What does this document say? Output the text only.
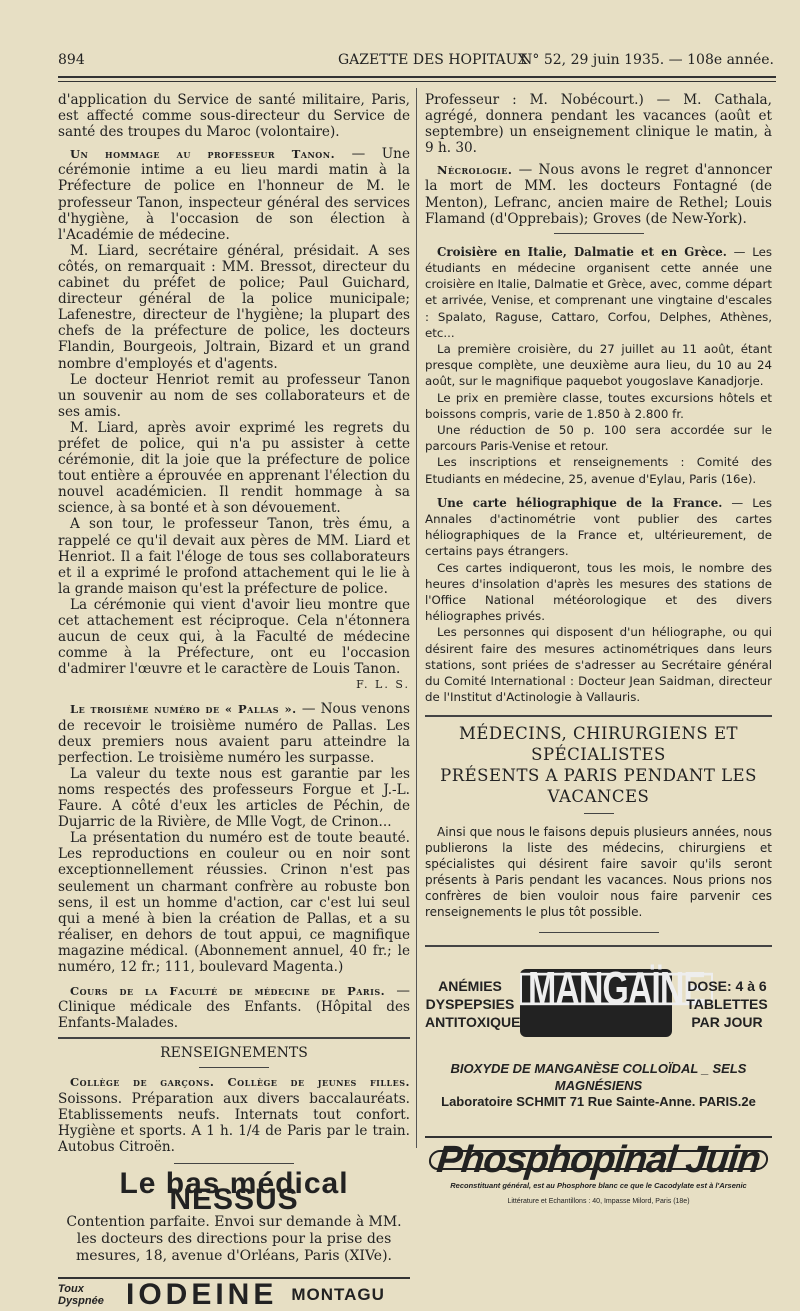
894	GAZETTE DES HOPITAUX
N° 52, 29 juin 1935. — 108e année.

d'application du Service de santé militaire, Paris, est affecté comme sous-directeur du Service de santé des troupes du Maroc (volontaire).

Un hommage au professeur Tanon. — Une cérémonie intime a eu lieu mardi matin à la Préfecture de police en l'honneur de M. le professeur Tanon, inspecteur général des services d'hygiène, à l'occasion de son élection à l'Académie de médecine.

M. Liard, secrétaire général, présidait. A ses côtés, on remarquait : MM. Bressot, directeur du cabinet du préfet de police; Paul Guichard, directeur général de la police municipale; Lafenestre, directeur de l'hygiène; la plupart des chefs de la préfecture de police, les docteurs Flandin, Bourgeois, Joltrain, Bizard et un grand nombre d'employés et d'agents.

Le docteur Henriot remit au professeur Tanon un souvenir au nom de ses collaborateurs et de ses amis.

M. Liard, après avoir exprimé les regrets du préfet de police, qui n'a pu assister à cette cérémonie, dit la joie que la préfecture de police tout entière a éprouvée en apprenant l'élection du nouvel académicien. Il rendit hommage à sa science, à sa bonté et à son dévouement.

A son tour, le professeur Tanon, très ému, a rappelé ce qu'il devait aux pères de MM. Liard et Henriot. Il a fait l'éloge de tous ses collaborateurs et il a exprimé le profond attachement qui le lie à la grande maison qu'est la préfecture de police.

La cérémonie qui vient d'avoir lieu montre que cet attachement est réciproque. Cela n'étonnera aucun de ceux qui, à la Faculté de médecine comme à la Préfecture, ont eu l'occasion d'admirer l'œuvre et le caractère de Louis Tanon.

F. L. S.

Le troisième numéro de « Pallas ». — Nous venons de recevoir le troisième numéro de Pallas. Les deux premiers nous avaient paru atteindre la perfection. Le troisième numéro les surpasse.

La valeur du texte nous est garantie par les noms respectés des professeurs Forgue et J.-L. Faure. A côté d'eux les articles de Péchin, de Dujarric de la Rivière, de Mlle Vogt, de Crinon...

La présentation du numéro est de toute beauté. Les reproductions en couleur ou en noir sont exceptionnellement réussies. Crinon n'est pas seulement un charmant confrère au robuste bon sens, il est un homme d'action, car c'est lui seul qui a mené à bien la création de Pallas, et a su réaliser, en dehors de tout appui, ce magnifique magazine médical. (Abonnement annuel, 40 fr.; le numéro, 12 fr.; 111, boulevard Magenta.)

Cours de la Faculté de médecine de Paris. — Clinique médicale des Enfants. (Hôpital des Enfants-Malades.

RENSEIGNEMENTS

Collège de garçons. Collège de jeunes filles. Soissons. Préparation aux divers baccalauréats. Etablissements neufs. Internats tout confort. Hygiène et sports. A 1 h. 1/4 de Paris par le train. Autobus Citroën.

Le bas médical NESSUS
Contention parfaite. Envoi sur demande à MM. les docteurs des directions pour la prise des mesures, 18, avenue d'Orléans, Paris (XIVe).
Toux Dyspnée IODEINE MONTAGU

Professeur : M. Nobécourt.) — M. Cathala, agrégé, donnera pendant les vacances (août et septembre) un enseignement clinique le matin, à 9 h. 30.

Nécrologie. — Nous avons le regret d'annoncer la mort de MM. les docteurs Fontagné (de Menton), Lefranc, ancien maire de Rethel; Louis Flamand (d'Opprebais); Groves (de New-York).

Croisière en Italie, Dalmatie et en Grèce. — Les étudiants en médecine organisent cette année une croisière en Italie, Dalmatie et Grèce, avec, comme départ et arrivée, Venise, et comprenant une vingtaine d'escales : Spalato, Raguse, Cattaro, Corfou, Delphes, Athènes, etc...

La première croisière, du 27 juillet au 11 août, étant presque complète, une deuxième aura lieu, du 10 au 24 août, sur le magnifique paquebot yougoslave Kanadjorje.

Le prix en première classe, toutes excursions hôtels et boissons compris, varie de 1.850 à 2.800 fr.

Une réduction de 50 p. 100 sera accordée sur le parcours Paris-Venise et retour.

Les inscriptions et renseignements : Comité des Etudiants en médecine, 25, avenue d'Eylau, Paris (16e).

Une carte héliographique de la France. — Les Annales d'actinométrie vont publier des cartes héliographiques de la France et, ultérieurement, de certains pays étrangers.

Ces cartes indiqueront, tous les mois, le nombre des heures d'insolation d'après les mesures des stations de l'Office National météorologique et des divers héliographes privés.

Les personnes qui disposent d'un héliographe, ou qui désirent faire des mesures actinométriques dans leurs stations, sont priées de s'adresser au Secrétaire général du Comité International : Docteur Jean Saidman, directeur de l'Institut d'Actinologie à Vallauris.

MÉDECINS, CHIRURGIENS ET SPÉCIALISTES
PRÉSENTS A PARIS PENDANT LES VACANCES

Ainsi que nous le faisons depuis plusieurs années, nous publierons la liste des médecins, chirurgiens et spécialistes qui désirent faire savoir qu'ils seront présents à Paris pendant les vacances. Nous prions nos confrères de bien vouloir nous faire parvenir ces renseignements le plus tôt possible.

ANÉMIES DYSPEPSIES ANTITOXIQUE
MANGAÏNE
DOSE: 4 à 6 TABLETTES PAR JOUR
BIOXYDE DE MANGANÈSE COLLOÏDAL _ SELS MAGNÉSIENS
Laboratoire SCHMIT 71 Rue Sainte-Anne. PARIS.2e
Phosphopinal Juin
Reconstituant général, est au Phosphore blanc ce que le Cacodylate est à l'Arsenic
Littérature et Echantillons : 40, Impasse Milord, Paris (18e)
